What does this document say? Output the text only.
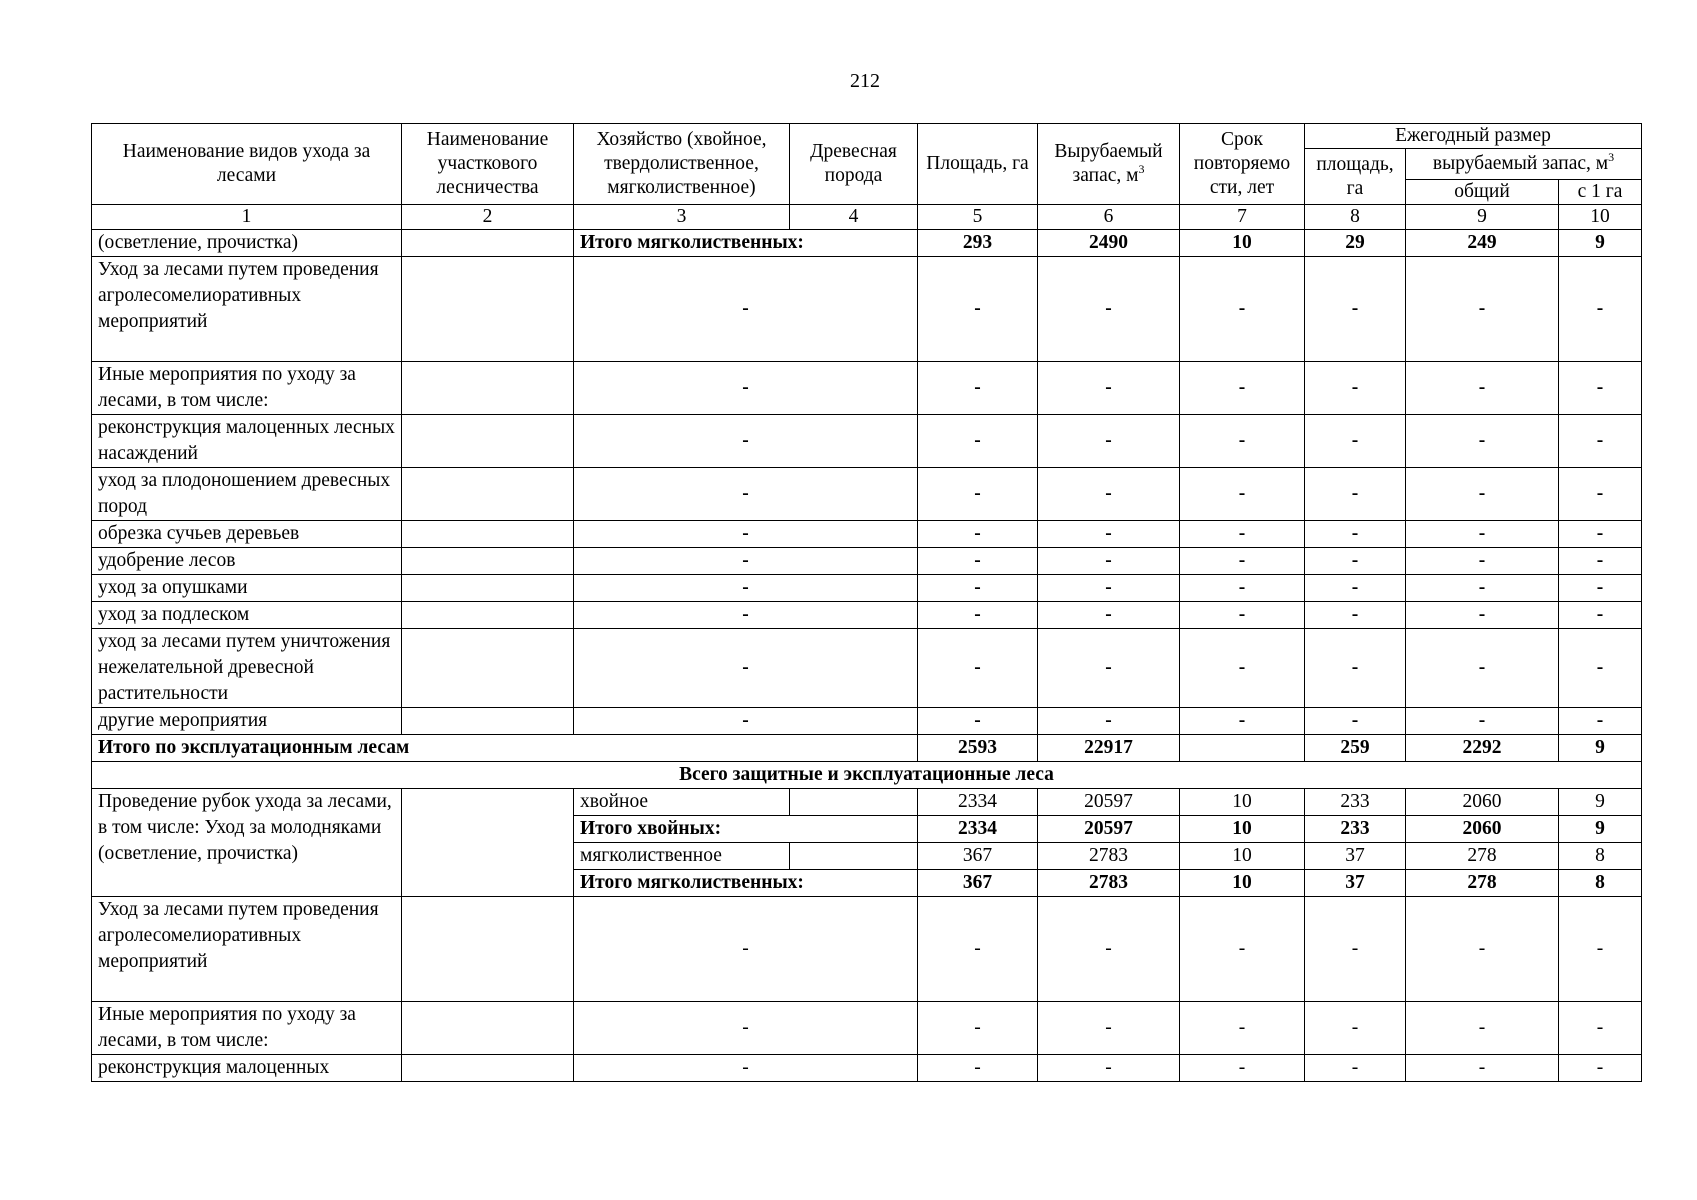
212
Наименование видов ухода за лесами	Наименование участкового лесничества	Хозяйство (хвойное, твердолиственное, мягколиственное)	Древесная порода	Площадь, га	Вырубаемый запас, $м^3$	Срок повторяемо сти, лет	Ежегодный размер		
							площадь, га	вырубаемый запас, $м^3$
								общий	с 1 га
1	2	3	4	5	6	7	8	9	10
(осветление, прочистка)		Итого мягколиственных:		293	2490	10	29	249	9
Уход за лесами путем проведения агролесомелиоративных мероприятий		-		-	-	-	-	-	-
Иные мероприятия по уходу за лесами, в том числе:		-		-	-	-	-	-	-
реконструкция малоценных лесных насаждений		-		-	-	-	-	-	-
уход за плодоношением древесных пород		-		-	-	-	-	-	-
обрезка сучьев деревьев		-		-	-	-	-	-	-
удобрение лесов		-		-	-	-	-	-	-
уход за опушками		-		-	-	-	-	-	-
уход за подлеском		-		-	-	-	-	-	-
уход за лесами путем уничтожения нежелательной древесной растительности		-		-	-	-	-	-	-
другие мероприятия		-		-	-	-	-	-	-
Итого по эксплуатационным лесам				2593	22917		259	2292	9
Всего защитные и эксплуатационные леса									
Проведение рубок ухода за лесами, в том числе: Уход за молодняками (осветление, прочистка)		хвойное		2334	20597	10	233	2060	9
		Итого хвойных:		2334	20597	10	233	2060	9
		мягколиственное		367	2783	10	37	278	8
		Итого мягколиственных:		367	2783	10	37	278	8
Уход за лесами путем проведения агролесомелиоративных мероприятий		-		-	-	-	-	-	-
Иные мероприятия по уходу за лесами, в том числе:		-		-	-	-	-	-	-
реконструкция малоценных		-		-	-	-	-	-	-
